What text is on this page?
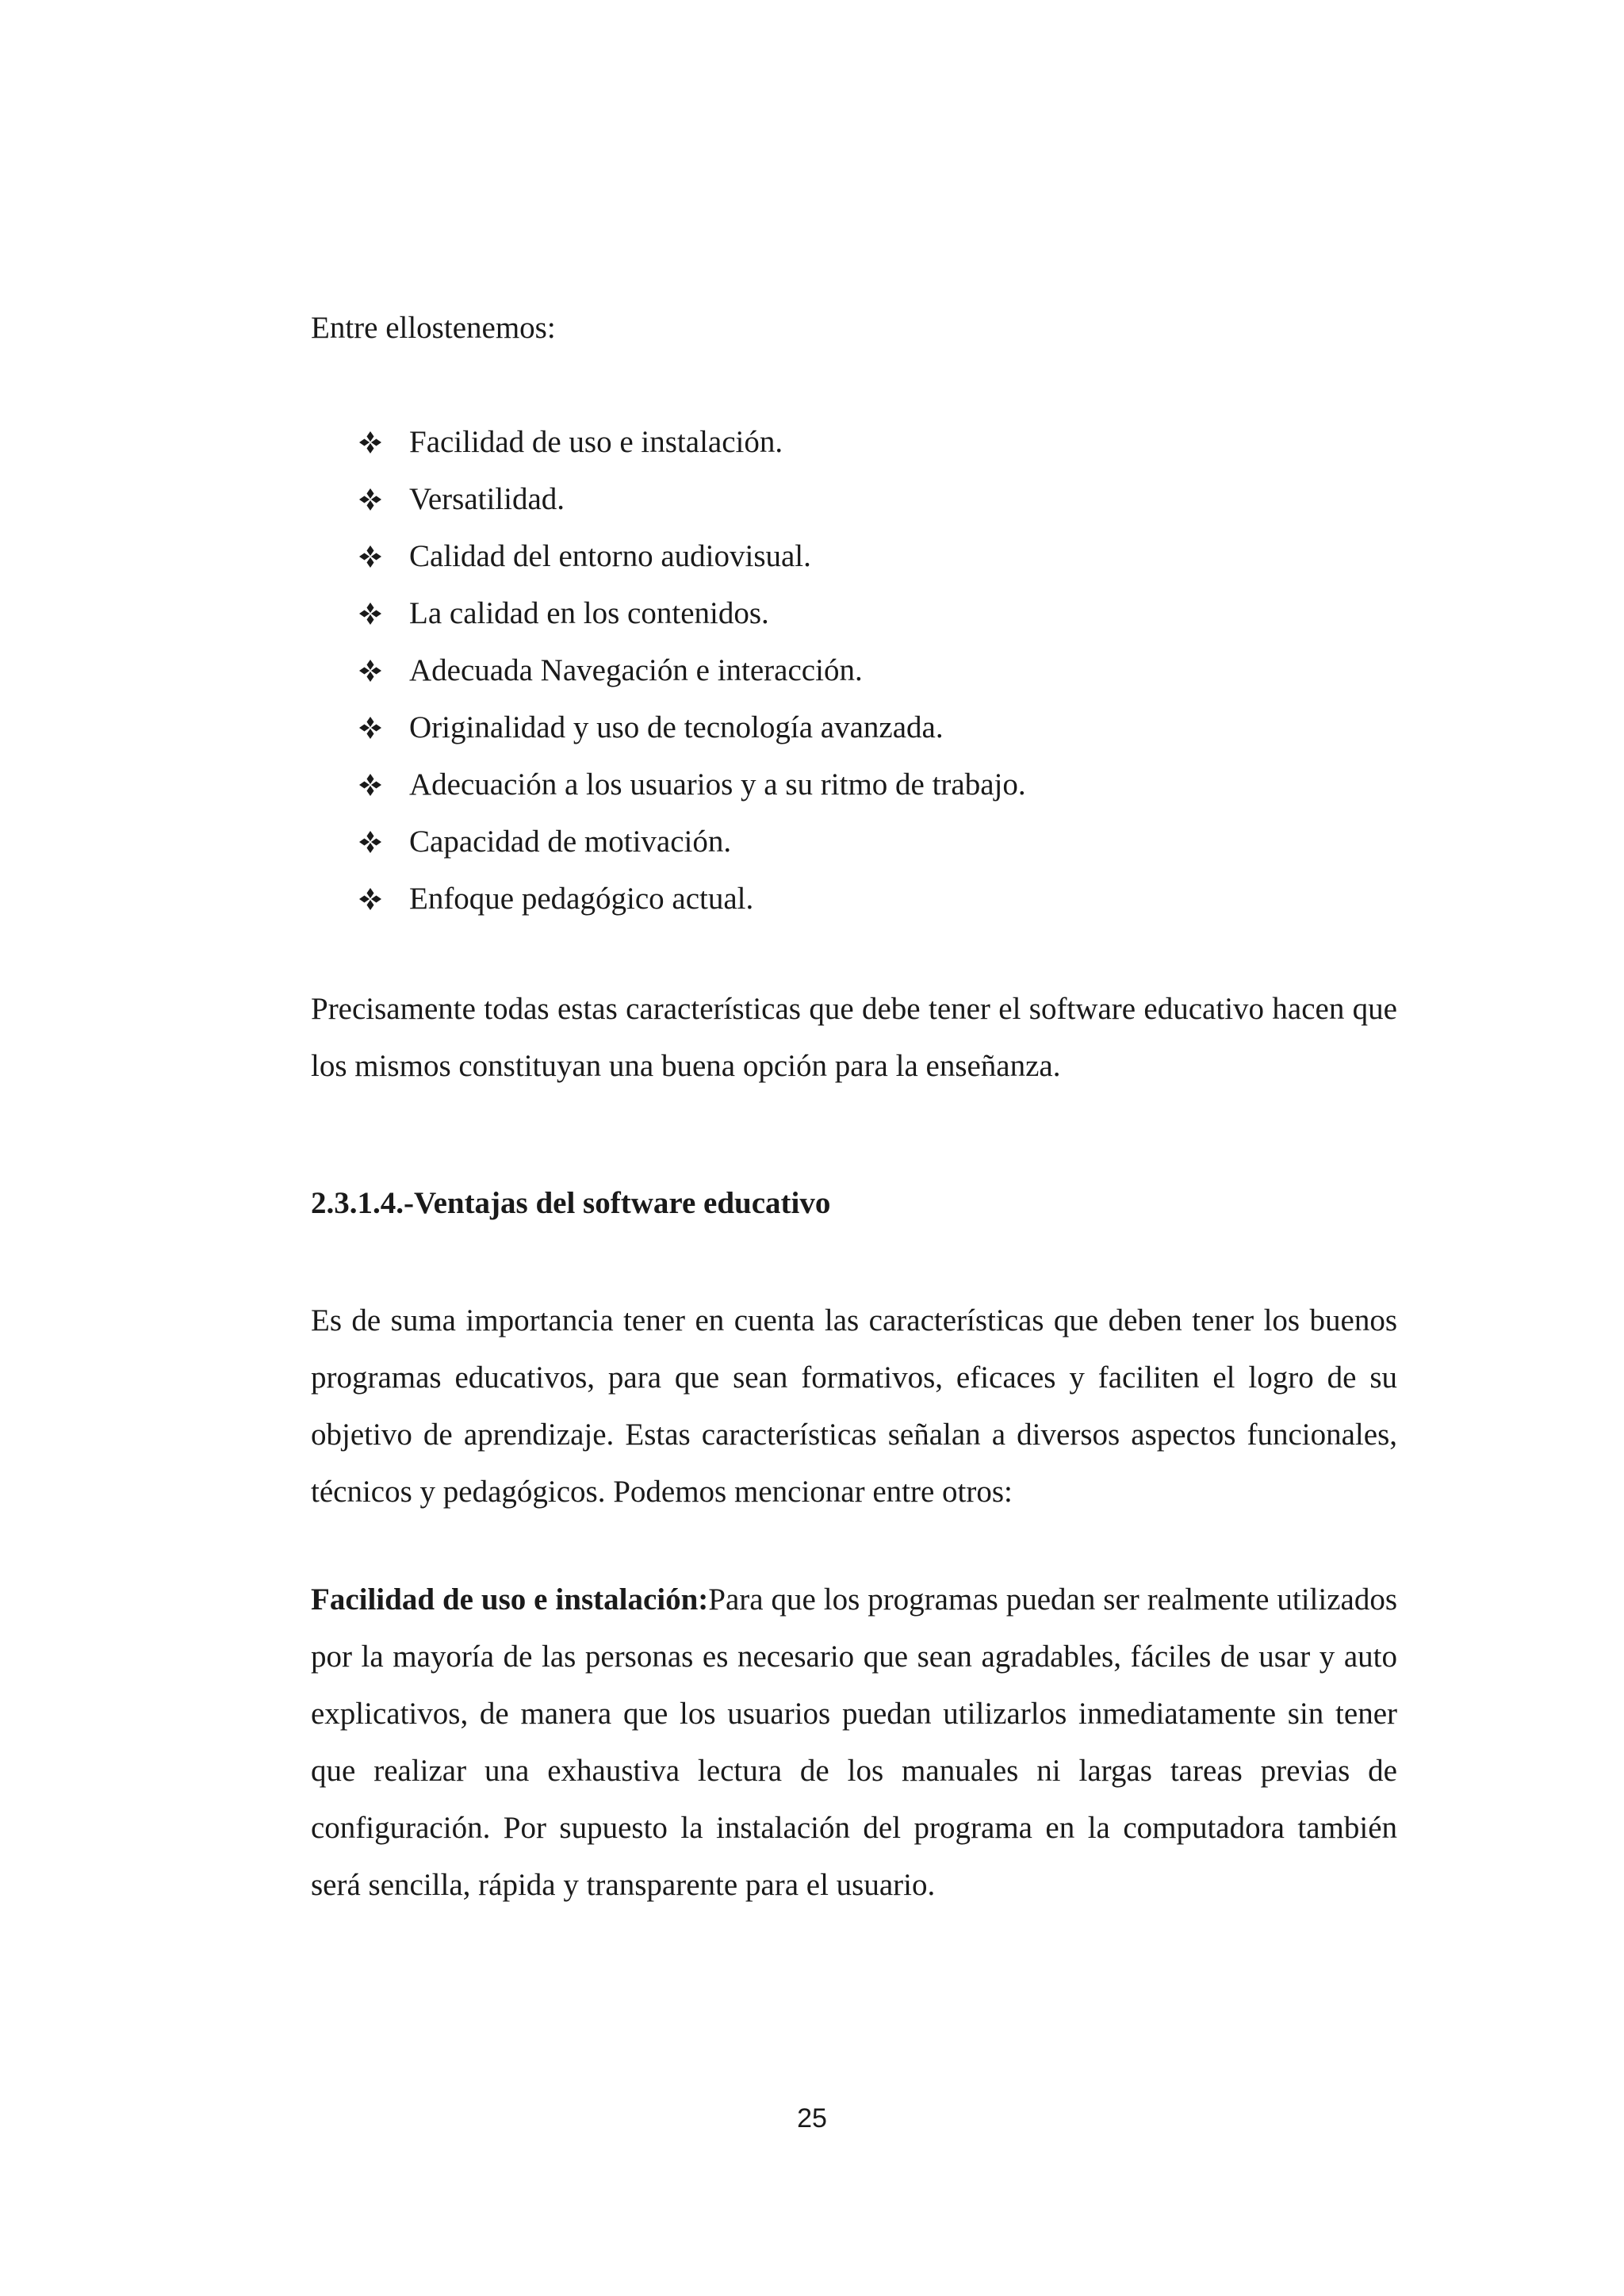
Entre ellostenemos:
Facilidad de uso e instalación.
Versatilidad.
Calidad del entorno audiovisual.
La calidad en los contenidos.
Adecuada Navegación e interacción.
Originalidad y uso de tecnología avanzada.
Adecuación a los usuarios y a su ritmo de trabajo.
Capacidad de motivación.
Enfoque pedagógico actual.

Precisamente todas estas características que debe tener el software educativo hacen que los mismos constituyan una buena opción para la enseñanza.

2.3.1.4.-Ventajas del software educativo

Es de suma importancia tener en cuenta las características que deben tener los buenos programas educativos, para que sean formativos, eficaces y faciliten el logro de su objetivo de aprendizaje. Estas características señalan a diversos aspectos funcionales, técnicos y pedagógicos. Podemos mencionar entre otros:

Facilidad de uso e instalación:Para que los programas puedan ser realmente utilizados por la mayoría de las personas es necesario que sean agradables, fáciles de usar y auto explicativos, de manera que los usuarios puedan utilizarlos inmediatamente sin tener que realizar una exhaustiva lectura de los manuales ni largas tareas previas de configuración. Por supuesto la instalación del programa en la computadora también será sencilla, rápida y transparente para el usuario.

25
